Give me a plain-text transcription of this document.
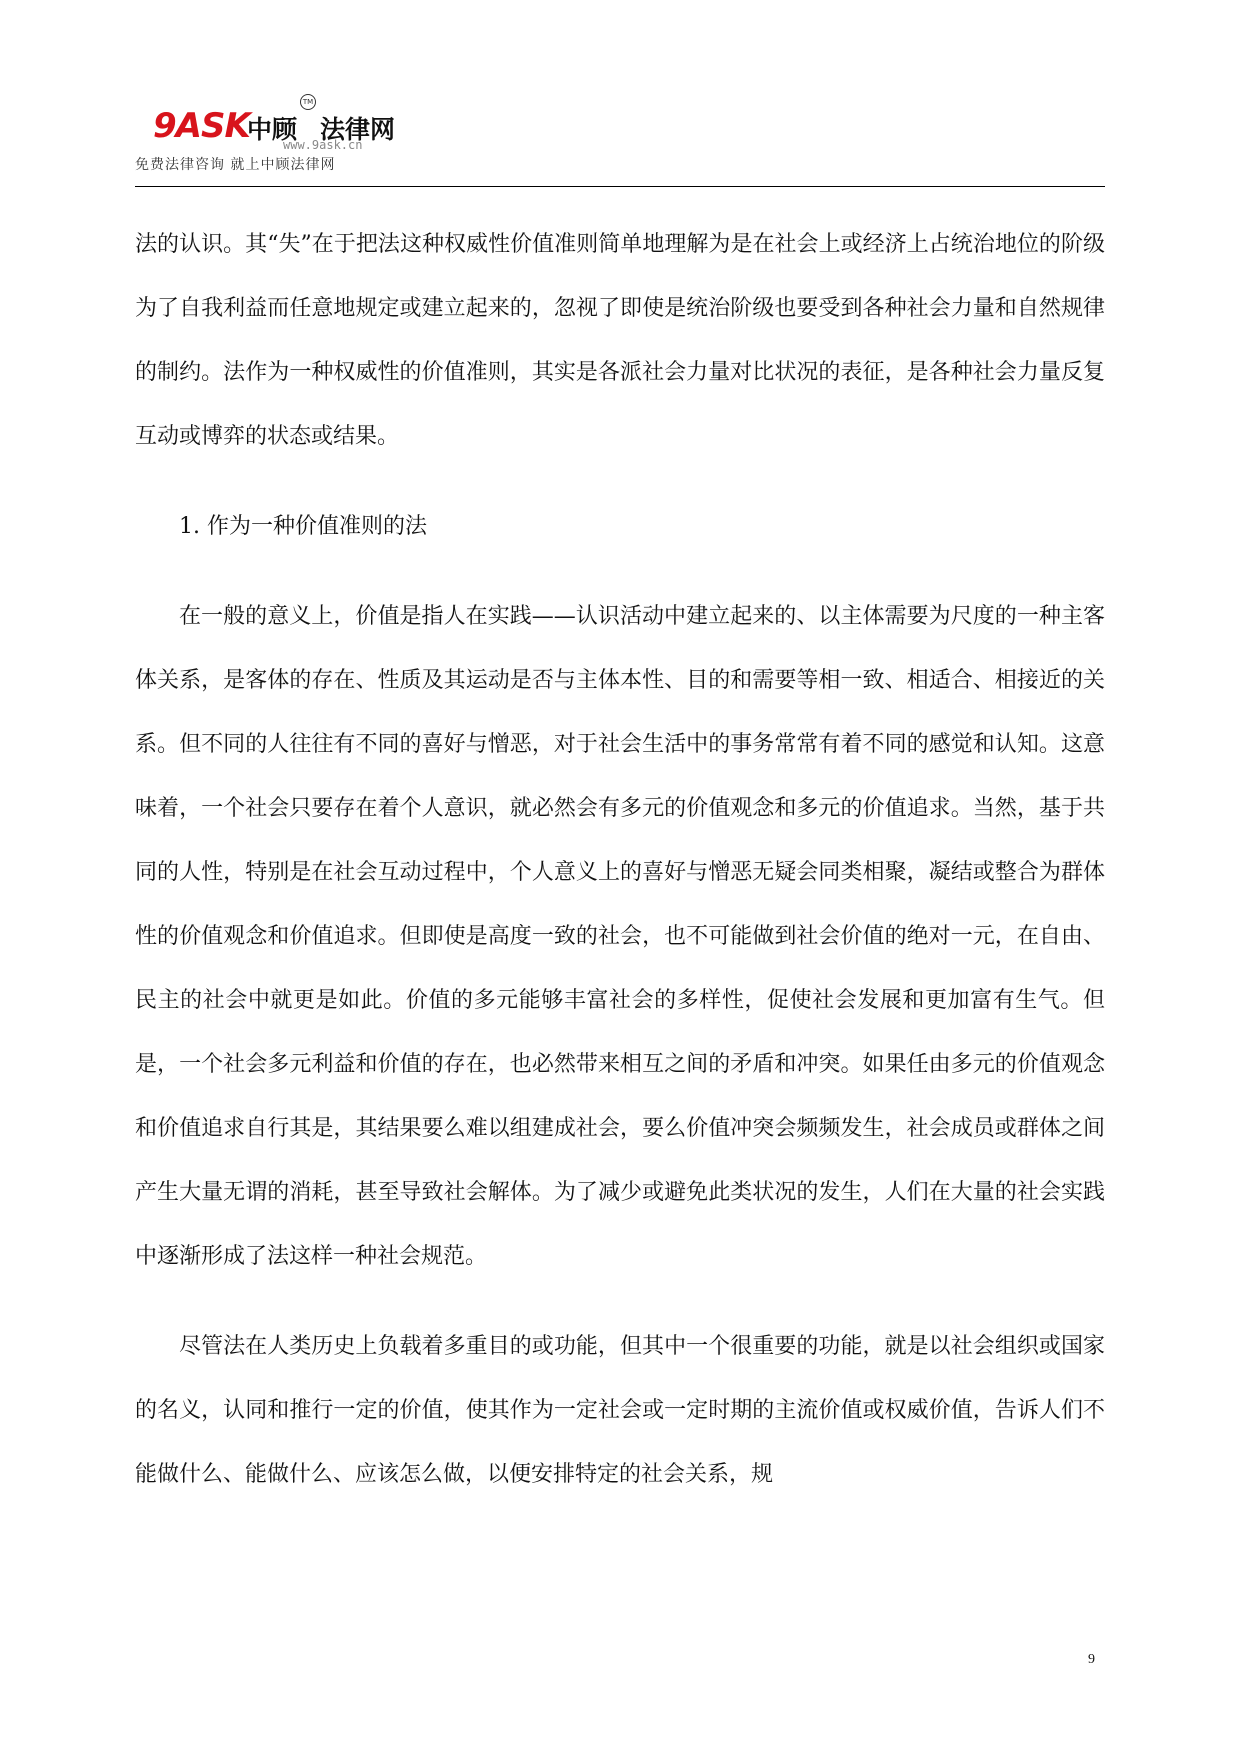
9ASK
中顾
TM
法律网
www.9ask.cn
免费法律咨询 就上中顾法律网

法的认识。其“失”在于把法这种权威性价值准则简单地理解为是在社会上或经济上占统治地位的阶级为了自我利益而任意地规定或建立起来的，忽视了即使是统治阶级也要受到各种社会力量和自然规律的制约。法作为一种权威性的价值准则，其实是各派社会力量对比状况的表征，是各种社会力量反复互动或博弈的状态或结果。

1. 作为一种价值准则的法

在一般的意义上，价值是指人在实践——认识活动中建立起来的、以主体需要为尺度的一种主客体关系，是客体的存在、性质及其运动是否与主体本性、目的和需要等相一致、相适合、相接近的关系。但不同的人往往有不同的喜好与憎恶，对于社会生活中的事务常常有着不同的感觉和认知。这意味着，一个社会只要存在着个人意识，就必然会有多元的价值观念和多元的价值追求。当然，基于共同的人性，特别是在社会互动过程中，个人意义上的喜好与憎恶无疑会同类相聚，凝结或整合为群体性的价值观念和价值追求。但即使是高度一致的社会，也不可能做到社会价值的绝对一元，在自由、民主的社会中就更是如此。价值的多元能够丰富社会的多样性，促使社会发展和更加富有生气。但是，一个社会多元利益和价值的存在，也必然带来相互之间的矛盾和冲突。如果任由多元的价值观念和价值追求自行其是，其结果要么难以组建成社会，要么价值冲突会频频发生，社会成员或群体之间产生大量无谓的消耗，甚至导致社会解体。为了减少或避免此类状况的发生，人们在大量的社会实践中逐渐形成了法这样一种社会规范。

尽管法在人类历史上负载着多重目的或功能，但其中一个很重要的功能，就是以社会组织或国家的名义，认同和推行一定的价值，使其作为一定社会或一定时期的主流价值或权威价值，告诉人们不能做什么、能做什么、应该怎么做，以便安排特定的社会关系，规

9
